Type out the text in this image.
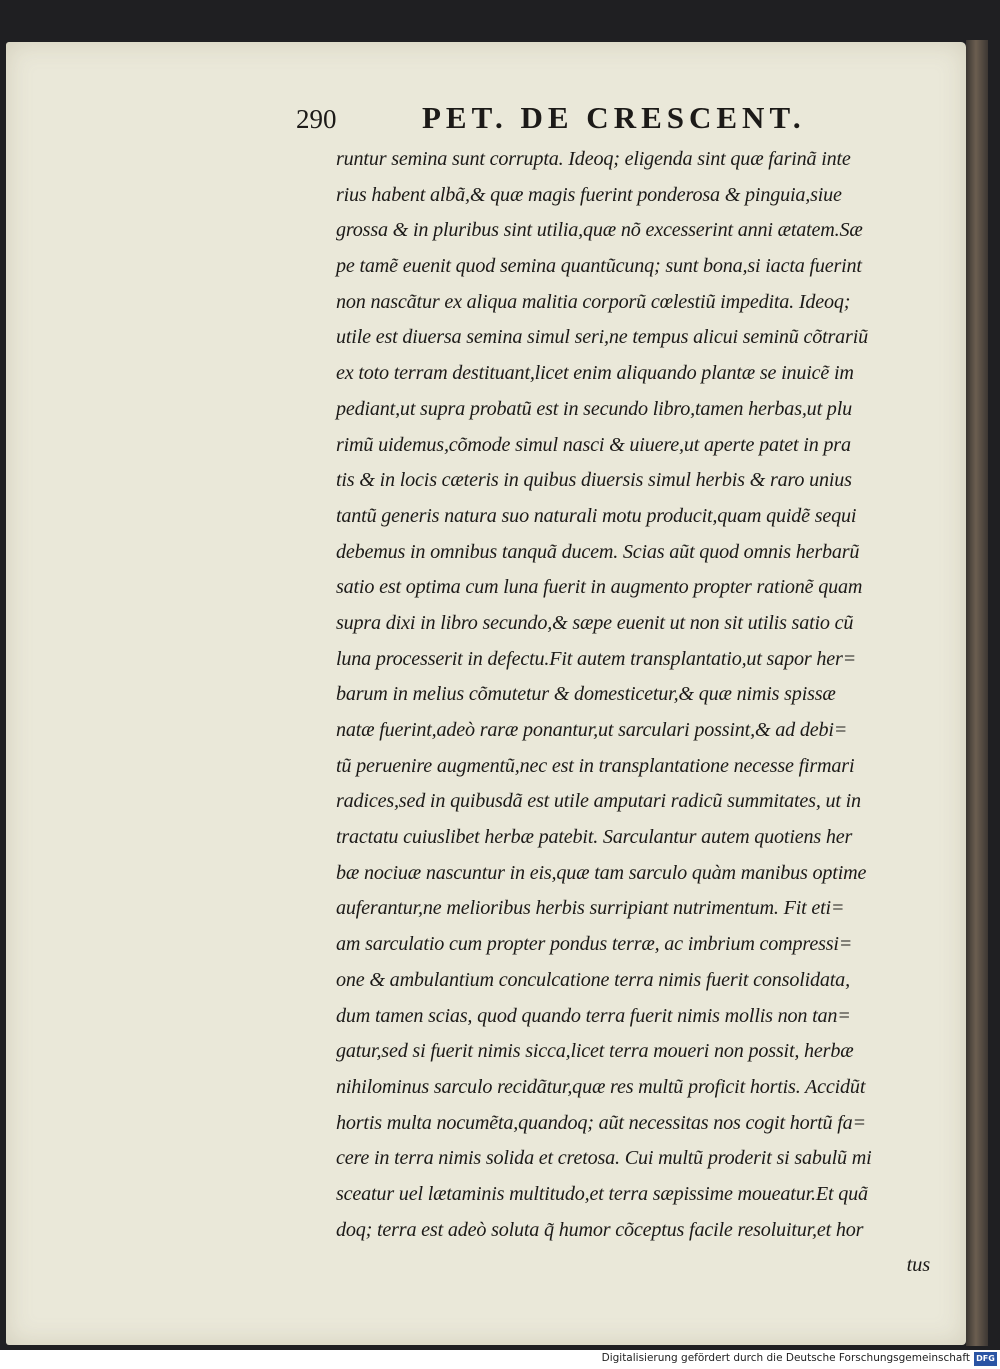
290	PET. DE CRESCENT.
runtur semina sunt corrupta. Ideoq; eligenda sint quæ farinã inte
rius habent albã,& quæ magis fuerint ponderosa & pinguia,siue
grossa & in pluribus sint utilia,quæ nõ excesserint anni ætatem.Sæ
pe tamẽ euenit quod semina quantũcunq; sunt bona,si iacta fuerint
non nascãtur ex aliqua malitia corporũ cœlestiũ impedita. Ideoq;
utile est diuersa semina simul seri,ne tempus alicui seminũ cõtrariũ
ex toto terram destituant,licet enim aliquando plantæ se inuicẽ im
pediant,ut supra probatũ est in secundo libro,tamen herbas,ut plu
rimũ uidemus,cõmode simul nasci & uiuere,ut aperte patet in pra
tis & in locis cæteris in quibus diuersis simul herbis & raro unius
tantũ generis natura suo naturali motu producit,quam quidẽ sequi
debemus in omnibus tanquã ducem. Scias aũt quod omnis herbarũ
satio est optima cum luna fuerit in augmento propter rationẽ quam
supra dixi in libro secundo,& sæpe euenit ut non sit utilis satio cũ
luna processerit in defectu.Fit autem transplantatio,ut sapor her=
barum in melius cõmutetur & domesticetur,& quæ nimis spissæ
natæ fuerint,adeò raræ ponantur,ut sarculari possint,& ad debi=
tũ peruenire augmentũ,nec est in transplantatione necesse firmari
radices,sed in quibusdã est utile amputari radicũ summitates, ut in
tractatu cuiuslibet herbæ patebit. Sarculantur autem quotiens her
bæ nociuæ nascuntur in eis,quæ tam sarculo quàm manibus optime
auferantur,ne melioribus herbis surripiant nutrimentum. Fit eti=
am sarculatio cum propter pondus terræ, ac imbrium compressi=
one & ambulantium conculcatione terra nimis fuerit consolidata,
dum tamen scias, quod quando terra fuerit nimis mollis non tan=
gatur,sed si fuerit nimis sicca,licet terra moueri non possit, herbæ
nihilominus sarculo recidãtur,quæ res multũ proficit hortis. Accidũt
hortis multa nocumẽta,quandoq; aũt necessitas nos cogit hortũ fa=
cere in terra nimis solida et cretosa. Cui multũ proderit si sabulũ mi
sceatur uel lætaminis multitudo,et terra sæpissime moueatur.Et quã
doq; terra est adeò soluta q̃ humor cõceptus facile resoluitur,et hor
tus
Digitalisierung gefördert durch die Deutsche Forschungsgemeinschaft DFG
